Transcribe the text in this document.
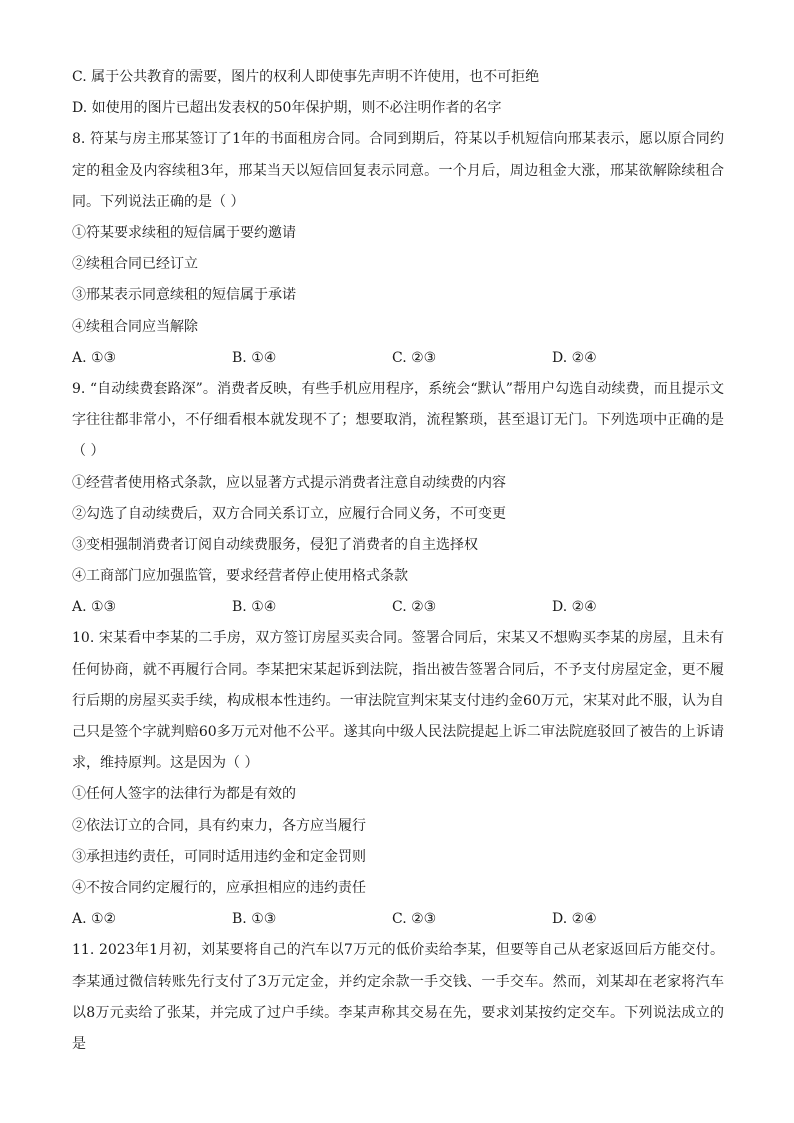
C. 属于公共教育的需要，图片的权利人即使事先声明不许使用，也不可拒绝
D. 如使用的图片已超出发表权的50年保护期，则不必注明作者的名字
8. 符某与房主邢某签订了1年的书面租房合同。合同到期后，符某以手机短信向邢某表示，愿以原合同约定的租金及内容续租3年，邢某当天以短信回复表示同意。一个月后，周边租金大涨，邢某欲解除续租合同。下列说法正确的是（ ）
①符某要求续租的短信属于要约邀请
②续租合同已经订立
③邢某表示同意续租的短信属于承诺
④续租合同应当解除
A. ①③	B. ①④	C. ②③	D. ②④
9. “自动续费套路深”。消费者反映，有些手机应用程序，系统会“默认”帮用户勾选自动续费，而且提示文字往往都非常小，不仔细看根本就发现不了；想要取消，流程繁琐，甚至退订无门。下列选项中正确的是（ ）
①经营者使用格式条款，应以显著方式提示消费者注意自动续费的内容
②勾选了自动续费后，双方合同关系订立，应履行合同义务，不可变更
③变相强制消费者订阅自动续费服务，侵犯了消费者的自主选择权
④工商部门应加强监管，要求经营者停止使用格式条款
A. ①③	B. ①④	C. ②③	D. ②④
10. 宋某看中李某的二手房，双方签订房屋买卖合同。签署合同后，宋某又不想购买李某的房屋，且未有任何协商，就不再履行合同。李某把宋某起诉到法院，指出被告签署合同后，不予支付房屋定金，更不履行后期的房屋买卖手续，构成根本性违约。一审法院宣判宋某支付违约金60万元，宋某对此不服，认为自己只是签个字就判赔60多万元对他不公平。遂其向中级人民法院提起上诉二审法院庭驳回了被告的上诉请求，维持原判。这是因为（ ）
①任何人签字的法律行为都是有效的
②依法订立的合同，具有约束力，各方应当履行
③承担违约责任，可同时适用违约金和定金罚则
④不按合同约定履行的，应承担相应的违约责任
A. ①②	B. ①③	C. ②③	D. ②④
11. 2023年1月初，刘某要将自己的汽车以7万元的低价卖给李某，但要等自己从老家返回后方能交付。李某通过微信转账先行支付了3万元定金，并约定余款一手交钱、一手交车。然而，刘某却在老家将汽车以8万元卖给了张某，并完成了过户手续。李某声称其交易在先，要求刘某按约定交车。下列说法成立的是
